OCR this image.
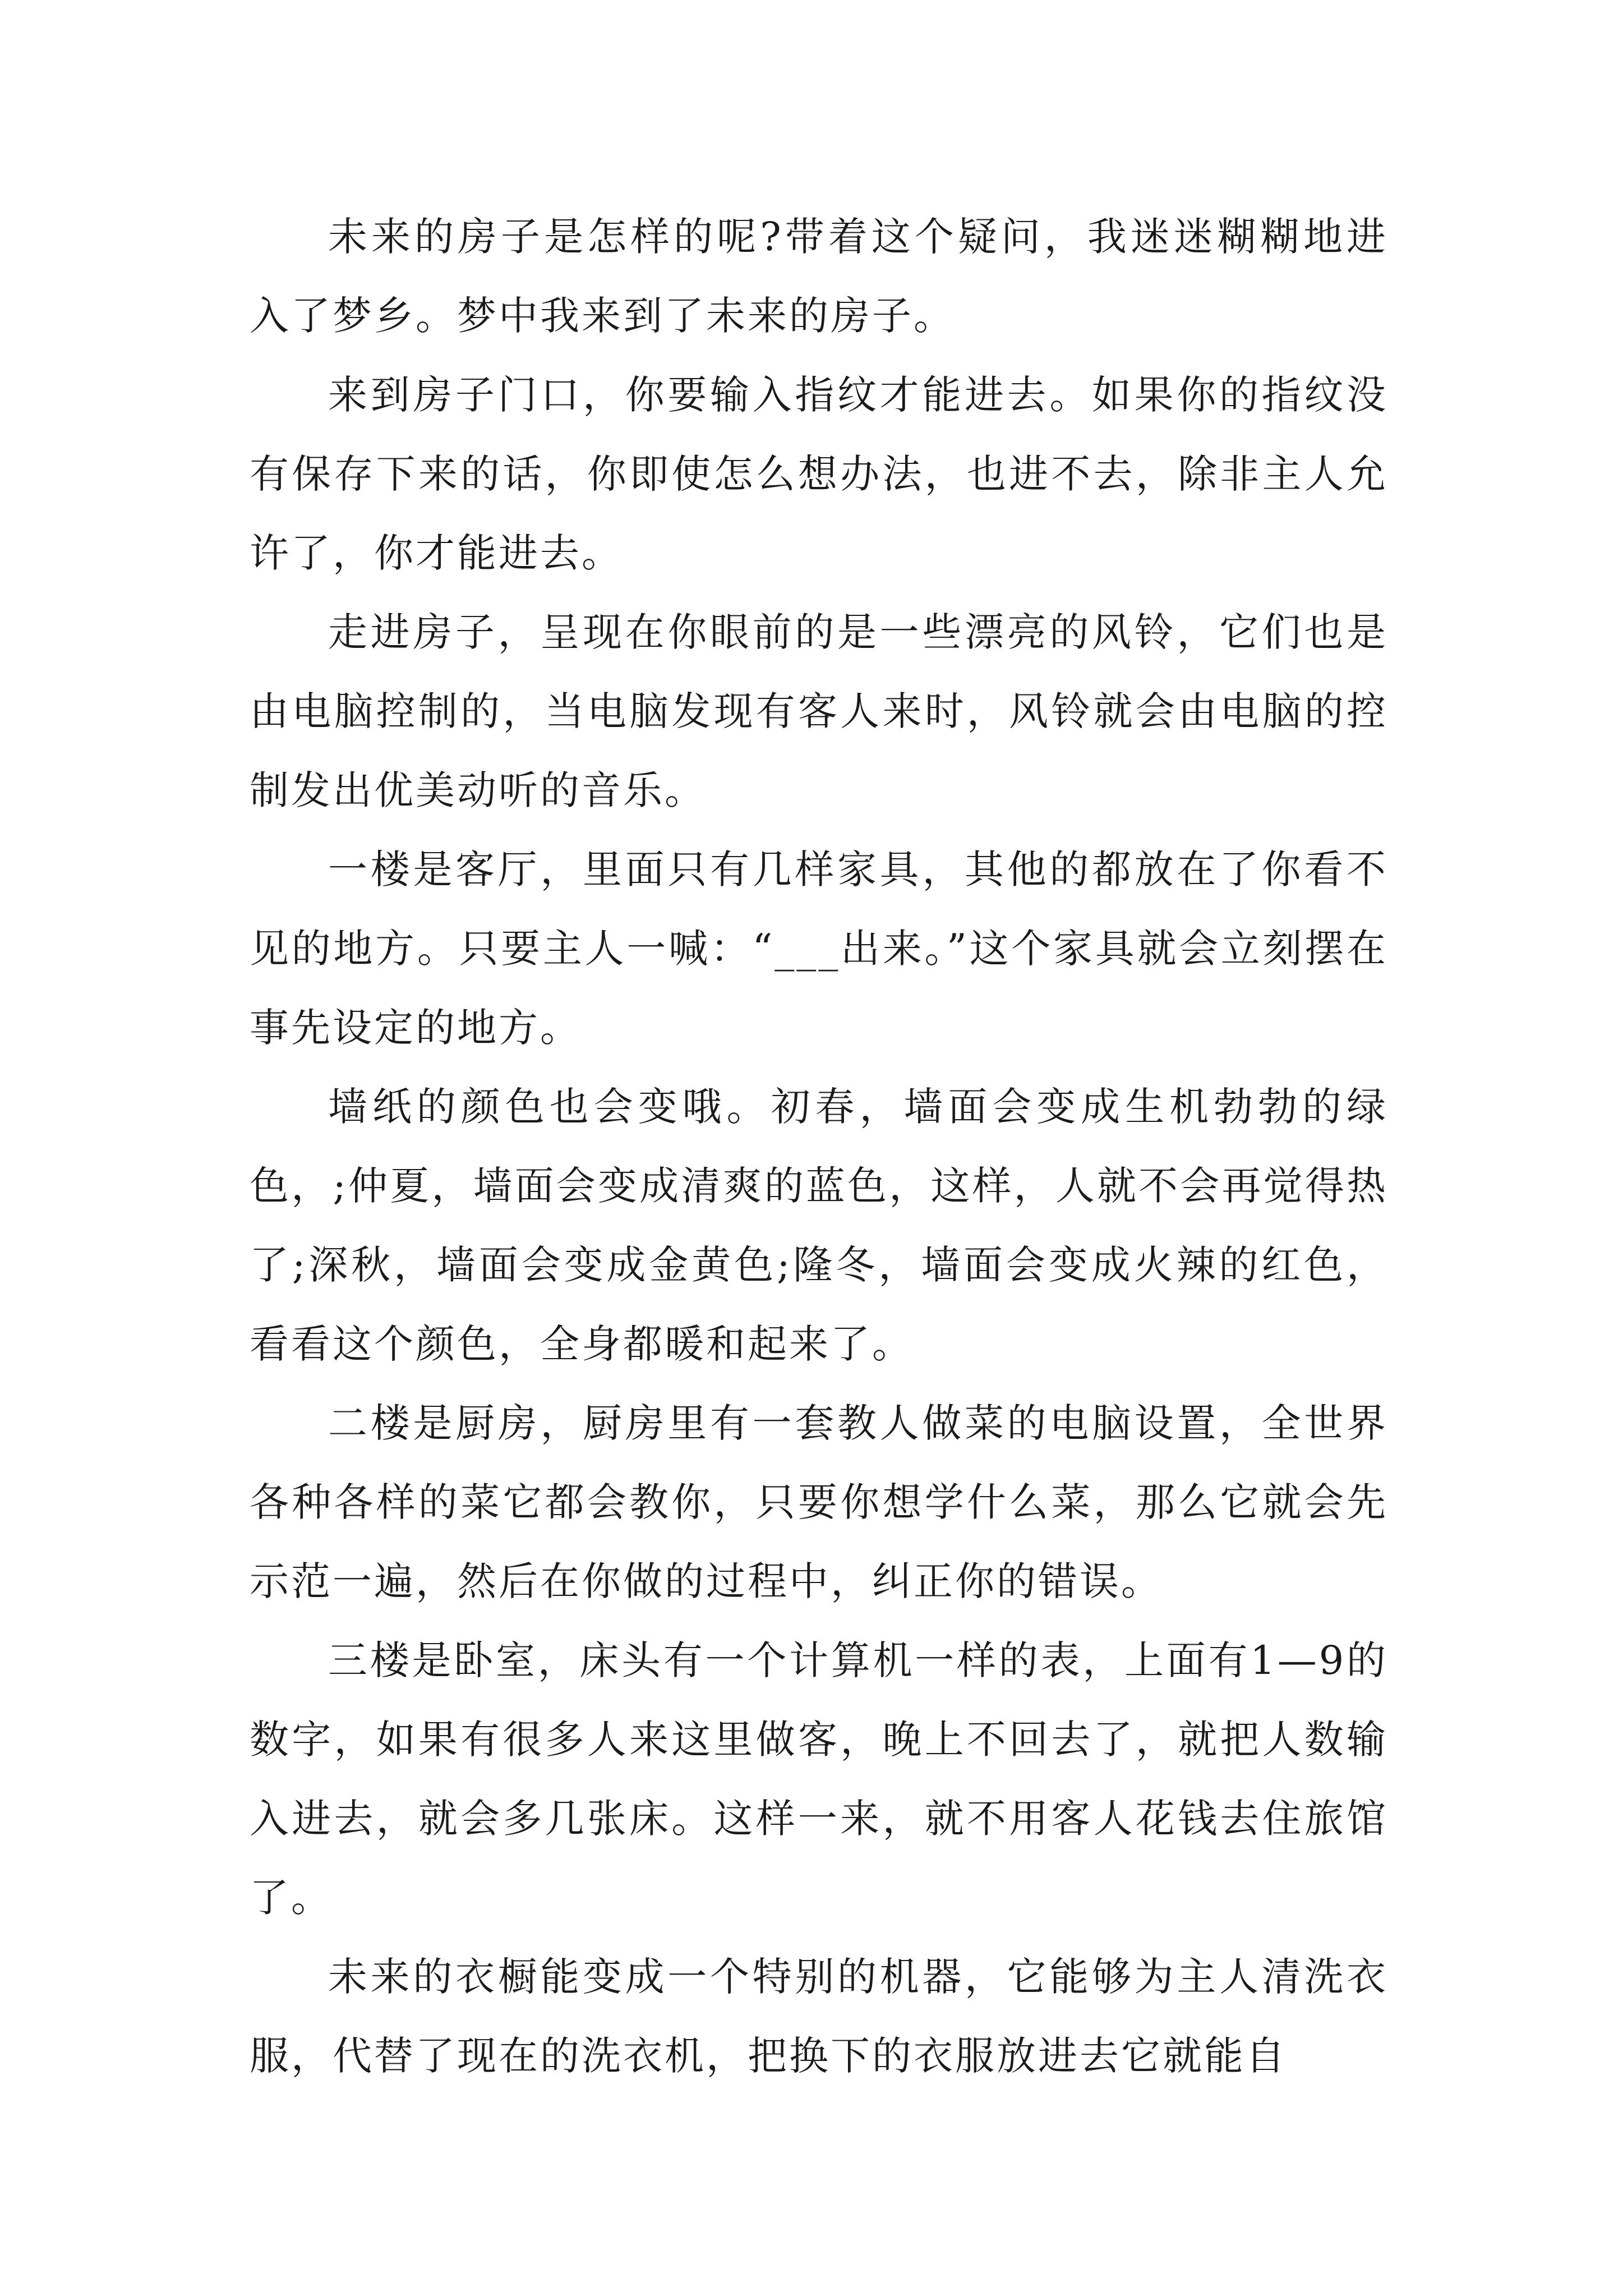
未来的房子是怎样的呢?带着这个疑问，我迷迷糊糊地进入了梦乡。梦中我来到了未来的房子。

来到房子门口，你要输入指纹才能进去。如果你的指纹没有保存下来的话，你即使怎么想办法，也进不去，除非主人允许了，你才能进去。

走进房子，呈现在你眼前的是一些漂亮的风铃，它们也是由电脑控制的，当电脑发现有客人来时，风铃就会由电脑的控制发出优美动听的音乐。

一楼是客厅，里面只有几样家具，其他的都放在了你看不见的地方。只要主人一喊：“___出来。”这个家具就会立刻摆在事先设定的地方。

墙纸的颜色也会变哦。初春，墙面会变成生机勃勃的绿色，;仲夏，墙面会变成清爽的蓝色，这样，人就不会再觉得热了;深秋，墙面会变成金黄色;隆冬，墙面会变成火辣的红色，看看这个颜色，全身都暖和起来了。

二楼是厨房，厨房里有一套教人做菜的电脑设置，全世界各种各样的菜它都会教你，只要你想学什么菜，那么它就会先示范一遍，然后在你做的过程中，纠正你的错误。

三楼是卧室，床头有一个计算机一样的表，上面有1—9的数字，如果有很多人来这里做客，晚上不回去了，就把人数输入进去，就会多几张床。这样一来，就不用客人花钱去住旅馆了。

未来的衣橱能变成一个特别的机器，它能够为主人清洗衣服，代替了现在的洗衣机，把换下的衣服放进去它就能自
